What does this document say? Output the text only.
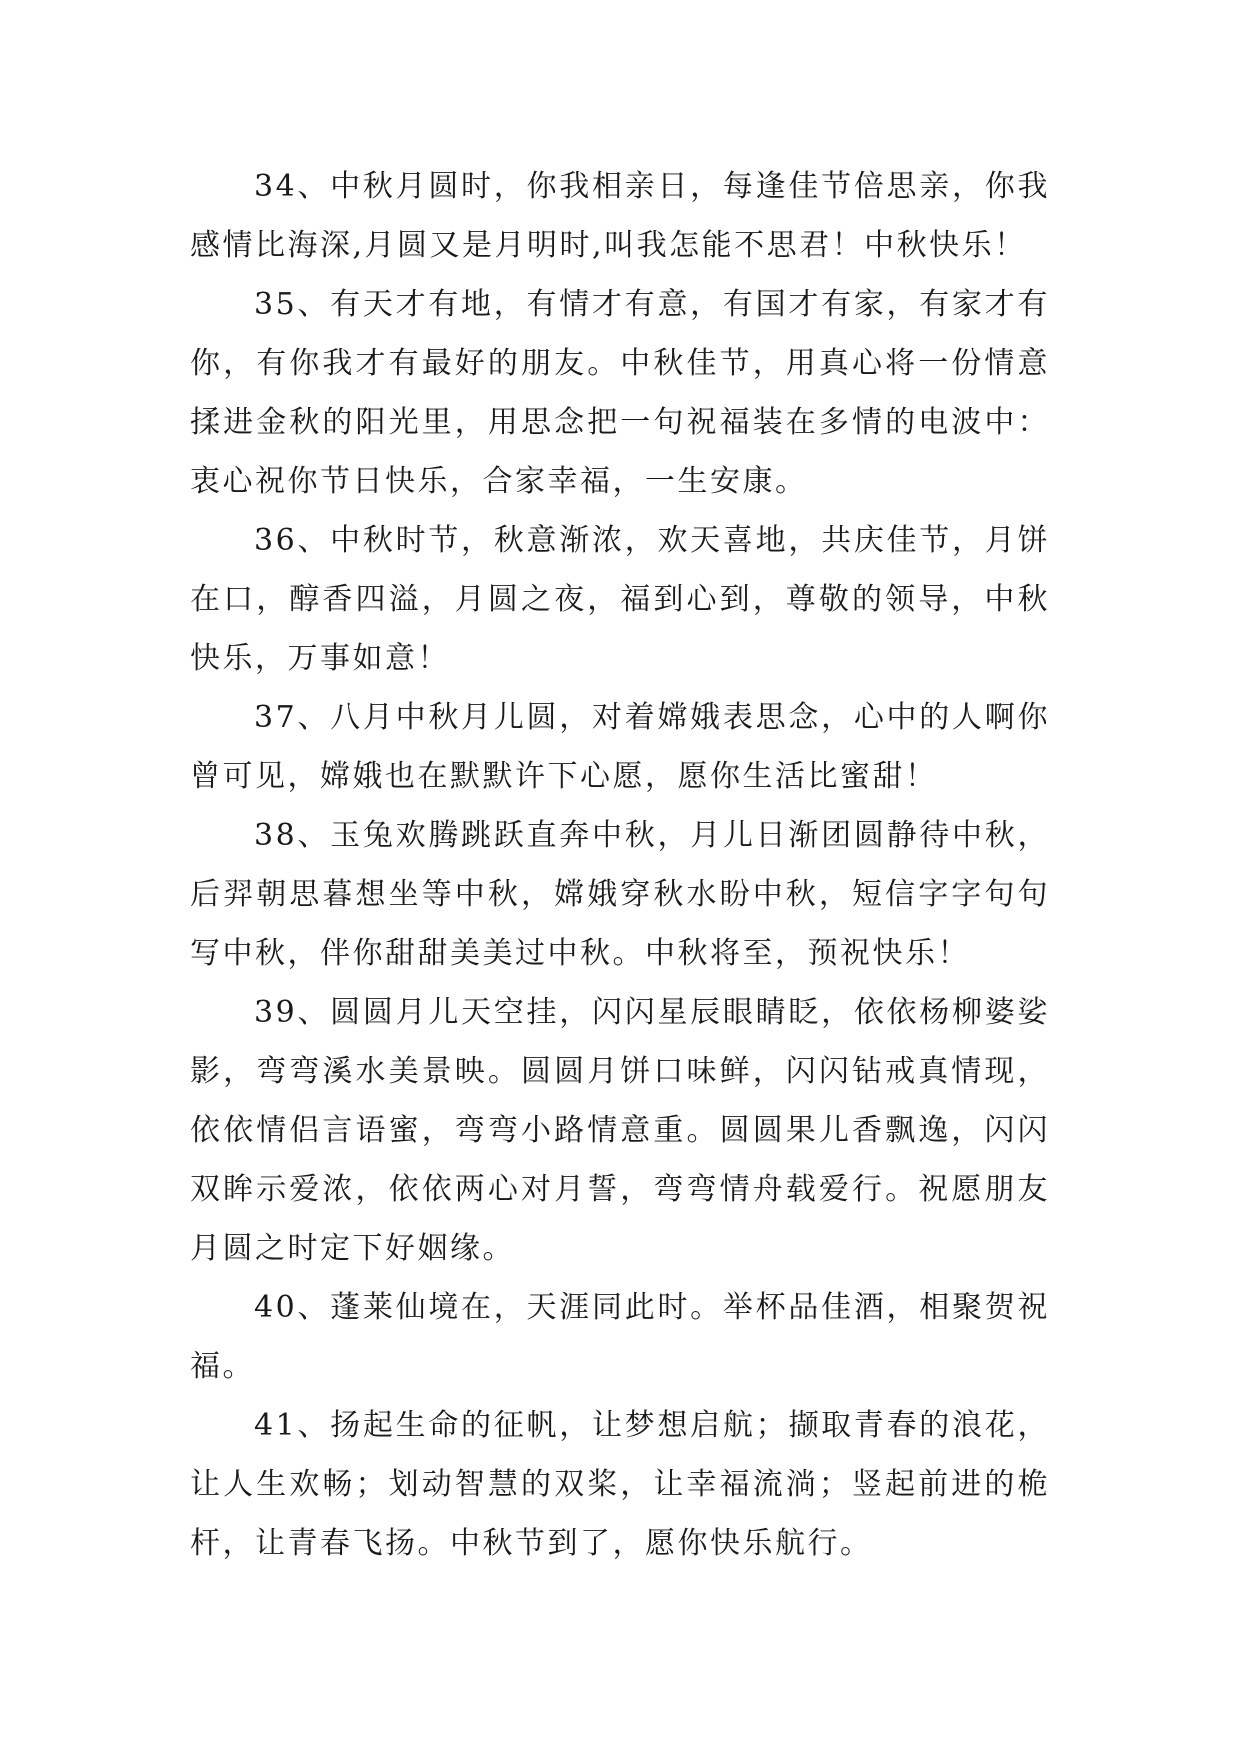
34、中秋月圆时，你我相亲日，每逢佳节倍思亲，你我感情比海深,月圆又是月明时,叫我怎能不思君！中秋快乐！

35、有天才有地，有情才有意，有国才有家，有家才有你，有你我才有最好的朋友。中秋佳节，用真心将一份情意揉进金秋的阳光里，用思念把一句祝福装在多情的电波中：衷心祝你节日快乐，合家幸福，一生安康。

36、中秋时节，秋意渐浓，欢天喜地，共庆佳节，月饼在口，醇香四溢，月圆之夜，福到心到，尊敬的领导，中秋快乐，万事如意！

37、八月中秋月儿圆，对着嫦娥表思念，心中的人啊你曾可见，嫦娥也在默默许下心愿，愿你生活比蜜甜！

38、玉兔欢腾跳跃直奔中秋，月儿日渐团圆静待中秋，后羿朝思暮想坐等中秋，嫦娥穿秋水盼中秋，短信字字句句写中秋，伴你甜甜美美过中秋。中秋将至，预祝快乐！

39、圆圆月儿天空挂，闪闪星辰眼睛眨，依依杨柳婆娑影，弯弯溪水美景映。圆圆月饼口味鲜，闪闪钻戒真情现，依依情侣言语蜜，弯弯小路情意重。圆圆果儿香飘逸，闪闪双眸示爱浓，依依两心对月誓，弯弯情舟载爱行。祝愿朋友月圆之时定下好姻缘。

40、蓬莱仙境在，天涯同此时。举杯品佳酒，相聚贺祝福。

41、扬起生命的征帆，让梦想启航；撷取青春的浪花，让人生欢畅；划动智慧的双桨，让幸福流淌；竖起前进的桅杆，让青春飞扬。中秋节到了，愿你快乐航行。
